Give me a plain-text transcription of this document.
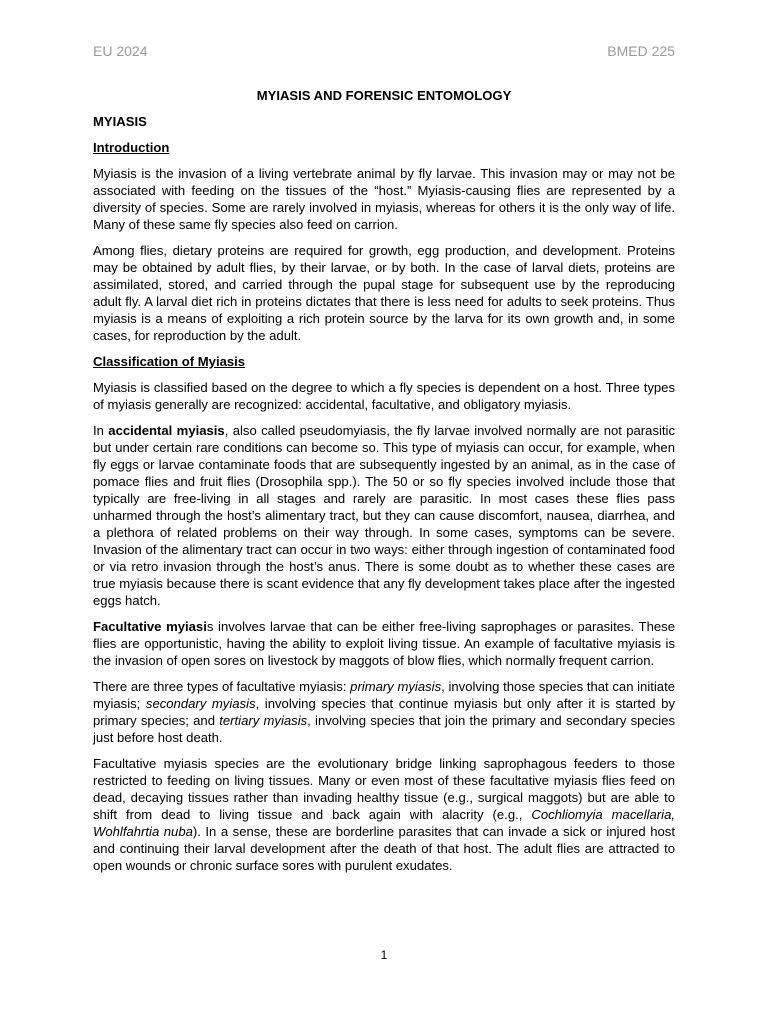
EU 2024	BMED 225
MYIASIS AND FORENSIC ENTOMOLOGY
MYIASIS
Introduction

Myiasis is the invasion of a living vertebrate animal by fly larvae. This invasion may or may not be associated with feeding on the tissues of the “host.” Myiasis-causing flies are represented by a diversity of species. Some are rarely involved in myiasis, whereas for others it is the only way of life. Many of these same fly species also feed on carrion.

Among flies, dietary proteins are required for growth, egg production, and development. Proteins may be obtained by adult flies, by their larvae, or by both. In the case of larval diets, proteins are assimilated, stored, and carried through the pupal stage for subsequent use by the reproducing adult fly. A larval diet rich in proteins dictates that there is less need for adults to seek proteins. Thus myiasis is a means of exploiting a rich protein source by the larva for its own growth and, in some cases, for reproduction by the adult.

Classification of Myiasis

Myiasis is classified based on the degree to which a fly species is dependent on a host. Three types of myiasis generally are recognized: accidental, facultative, and obligatory myiasis.

In accidental myiasis, also called pseudomyiasis, the fly larvae involved normally are not parasitic but under certain rare conditions can become so. This type of myiasis can occur, for example, when fly eggs or larvae contaminate foods that are subsequently ingested by an animal, as in the case of pomace flies and fruit flies (Drosophila spp.). The 50 or so fly species involved include those that typically are free-living in all stages and rarely are parasitic. In most cases these flies pass unharmed through the host’s alimentary tract, but they can cause discomfort, nausea, diarrhea, and a plethora of related problems on their way through. In some cases, symptoms can be severe. Invasion of the alimentary tract can occur in two ways: either through ingestion of contaminated food or via retro invasion through the host’s anus. There is some doubt as to whether these cases are true myiasis because there is scant evidence that any fly development takes place after the ingested eggs hatch.

Facultative myiasis involves larvae that can be either free-living saprophages or parasites. These flies are opportunistic, having the ability to exploit living tissue. An example of facultative myiasis is the invasion of open sores on livestock by maggots of blow flies, which normally frequent carrion.

There are three types of facultative myiasis: primary myiasis, involving those species that can initiate myiasis; secondary myiasis, involving species that continue myiasis but only after it is started by primary species; and tertiary myiasis, involving species that join the primary and secondary species just before host death.

Facultative myiasis species are the evolutionary bridge linking saprophagous feeders to those restricted to feeding on living tissues. Many or even most of these facultative myiasis flies feed on dead, decaying tissues rather than invading healthy tissue (e.g., surgical maggots) but are able to shift from dead to living tissue and back again with alacrity (e.g., Cochliomyia macellaria, Wohlfahrtia nuba). In a sense, these are borderline parasites that can invade a sick or injured host and continuing their larval development after the death of that host. The adult flies are attracted to open wounds or chronic surface sores with purulent exudates.

1
